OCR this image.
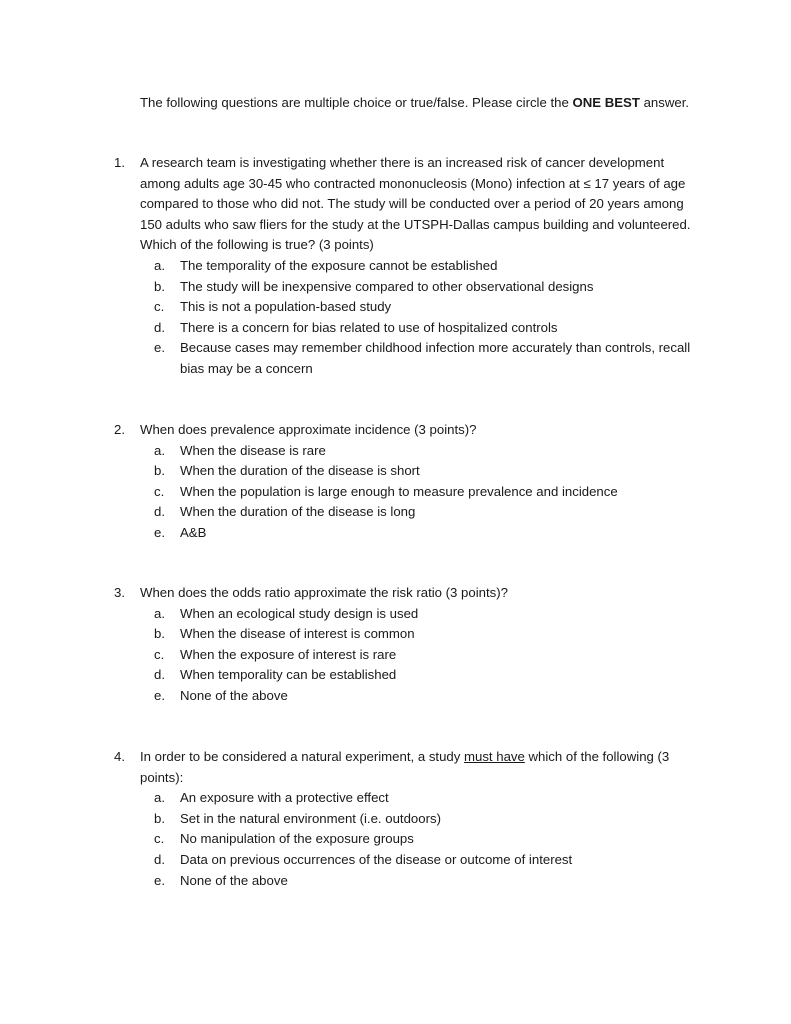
The following questions are multiple choice or true/false. Please circle the ONE BEST answer.

1.	A research team is investigating whether there is an increased risk of cancer development among adults age 30-45 who contracted mononucleosis (Mono) infection at ≤ 17 years of age compared to those who did not. The study will be conducted over a period of 20 years among 150 adults who saw fliers for the study at the UTSPH-Dallas campus building and volunteered. Which of the following is true? (3 points)
a.	The temporality of the exposure cannot be established
b.	The study will be inexpensive compared to other observational designs
c.	This is not a population-based study
d.	There is a concern for bias related to use of hospitalized controls
e.	Because cases may remember childhood infection more accurately than controls, recall bias may be a concern
2.	When does prevalence approximate incidence (3 points)?
a.	When the disease is rare
b.	When the duration of the disease is short
c.	When the population is large enough to measure prevalence and incidence
d.	When the duration of the disease is long
e.	A&B
3.	When does the odds ratio approximate the risk ratio (3 points)?
a.	When an ecological study design is used
b.	When the disease of interest is common
c.	When the exposure of interest is rare
d.	When temporality can be established
e.	None of the above
4.	In order to be considered a natural experiment, a study must have which of the following (3 points):
a.	An exposure with a protective effect
b.	Set in the natural environment (i.e. outdoors)
c.	No manipulation of the exposure groups
d.	Data on previous occurrences of the disease or outcome of interest
e.	None of the above
